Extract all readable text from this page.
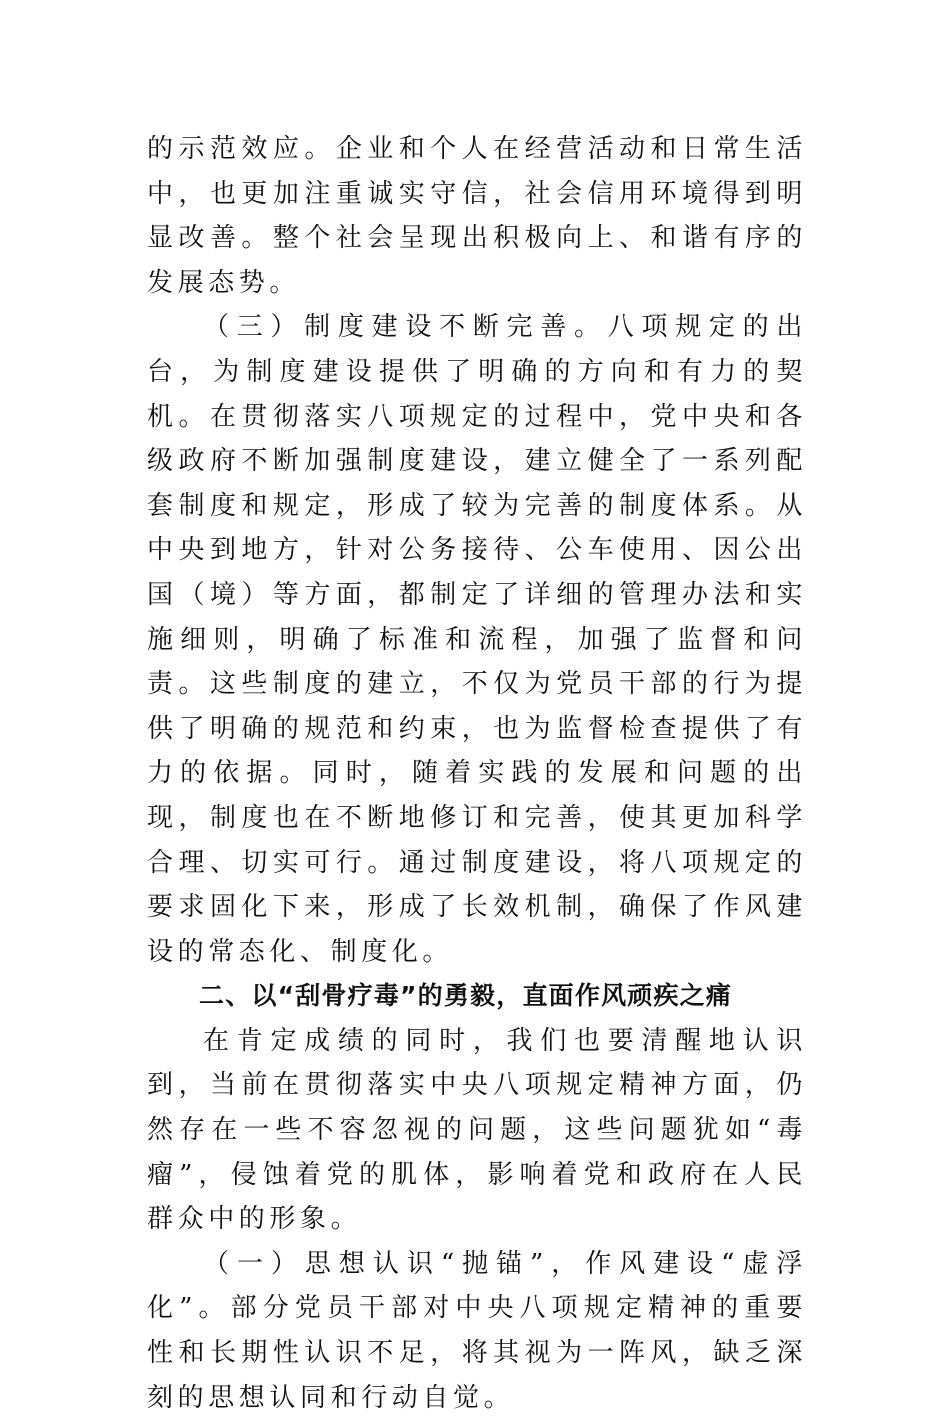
的示范效应。企业和个人在经营活动和日常生活中，也更加注重诚实守信，社会信用环境得到明显改善。整个社会呈现出积极向上、和谐有序的发展态势。

（三）制度建设不断完善。八项规定的出台，为制度建设提供了明确的方向和有力的契机。在贯彻落实八项规定的过程中，党中央和各级政府不断加强制度建设，建立健全了一系列配套制度和规定，形成了较为完善的制度体系。从中央到地方，针对公务接待、公车使用、因公出国（境）等方面，都制定了详细的管理办法和实施细则，明确了标准和流程，加强了监督和问责。这些制度的建立，不仅为党员干部的行为提供了明确的规范和约束，也为监督检查提供了有力的依据。同时，随着实践的发展和问题的出现，制度也在不断地修订和完善，使其更加科学合理、切实可行。通过制度建设，将八项规定的要求固化下来，形成了长效机制，确保了作风建设的常态化、制度化。

二、以“刮骨疗毒”的勇毅，直面作风顽疾之痛

在肯定成绩的同时，我们也要清醒地认识到，当前在贯彻落实中央八项规定精神方面，仍然存在一些不容忽视的问题，这些问题犹如“毒瘤”，侵蚀着党的肌体，影响着党和政府在人民群众中的形象。

（一）思想认识“抛锚”，作风建设“虚浮化”。部分党员干部对中央八项规定精神的重要性和长期性认识不足，将其视为一阵风，缺乏深刻的思想认同和行动自觉。
